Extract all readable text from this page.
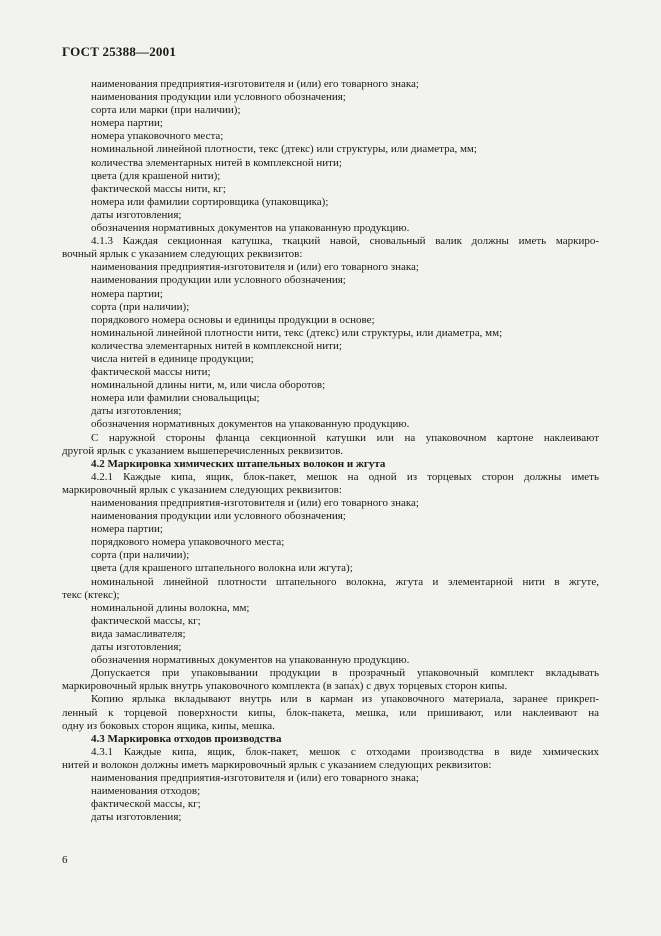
ГОСТ 25388—2001
наименования предприятия-изготовителя и (или) его товарного знака;
наименования продукции или условного обозначения;
сорта или марки (при наличии);
номера партии;
номера упаковочного места;
номинальной линейной плотности, текс (дтекс) или структуры, или диаметра, мм;
количества элементарных нитей в комплексной нити;
цвета (для крашеной нити);
фактической массы нити, кг;
номера или фамилии сортировщика (упаковщика);
даты изготовления;
обозначения нормативных документов на упакованную продукцию.
4.1.3 Каждая секционная катушка, ткацкий навой, сновальный валик должны иметь маркиро-
вочный ярлык с указанием следующих реквизитов:
наименования предприятия-изготовителя и (или) его товарного знака;
наименования продукции или условного обозначения;
номера партии;
сорта (при наличии);
порядкового номера основы и единицы продукции в основе;
номинальной линейной плотности нити, текс (дтекс) или структуры, или диаметра, мм;
количества элементарных нитей в комплексной нити;
числа нитей в единице продукции;
фактической массы нити;
номинальной длины нити, м, или числа оборотов;
номера или фамилии сновальщицы;
даты изготовления;
обозначения нормативных документов на упакованную продукцию.
С наружной стороны фланца секционной катушки или на упаковочном картоне наклеивают
другой ярлык с указанием вышеперечисленных реквизитов.
4.2 Маркировка химических штапельных волокон и жгута
4.2.1 Каждые кипа, ящик, блок-пакет, мешок на одной из торцевых сторон должны иметь
маркировочный ярлык с указанием следующих реквизитов:
наименования предприятия-изготовителя и (или) его товарного знака;
наименования продукции или условного обозначения;
номера партии;
порядкового номера упаковочного места;
сорта (при наличии);
цвета (для крашеного штапельного волокна или жгута);
номинальной линейной плотности штапельного волокна, жгута и элементарной нити в жгуте,
текс (ктекс);
номинальной длины волокна, мм;
фактической массы, кг;
вида замасливателя;
даты изготовления;
обозначения нормативных документов на упакованную продукцию.
Допускается при упаковывании продукции в прозрачный упаковочный комплект вкладывать
маркировочный ярлык внутрь упаковочного комплекта (в запа́х) с двух торцевых сторон кипы.
Копию ярлыка вкладывают внутрь или в карман из упаковочного материала, заранее прикреп-
ленный к торцевой поверхности кипы, блок-пакета, мешка, или пришивают, или наклеивают на
одну из боковых сторон ящика, кипы, мешка.
4.3 Маркировка отходов производства
4.3.1 Каждые кипа, ящик, блок-пакет, мешок с отходами производства в виде химических
нитей и волокон должны иметь маркировочный ярлык с указанием следующих реквизитов:
наименования предприятия-изготовителя и (или) его товарного знака;
наименования отходов;
фактической массы, кг;
даты изготовления;
6
